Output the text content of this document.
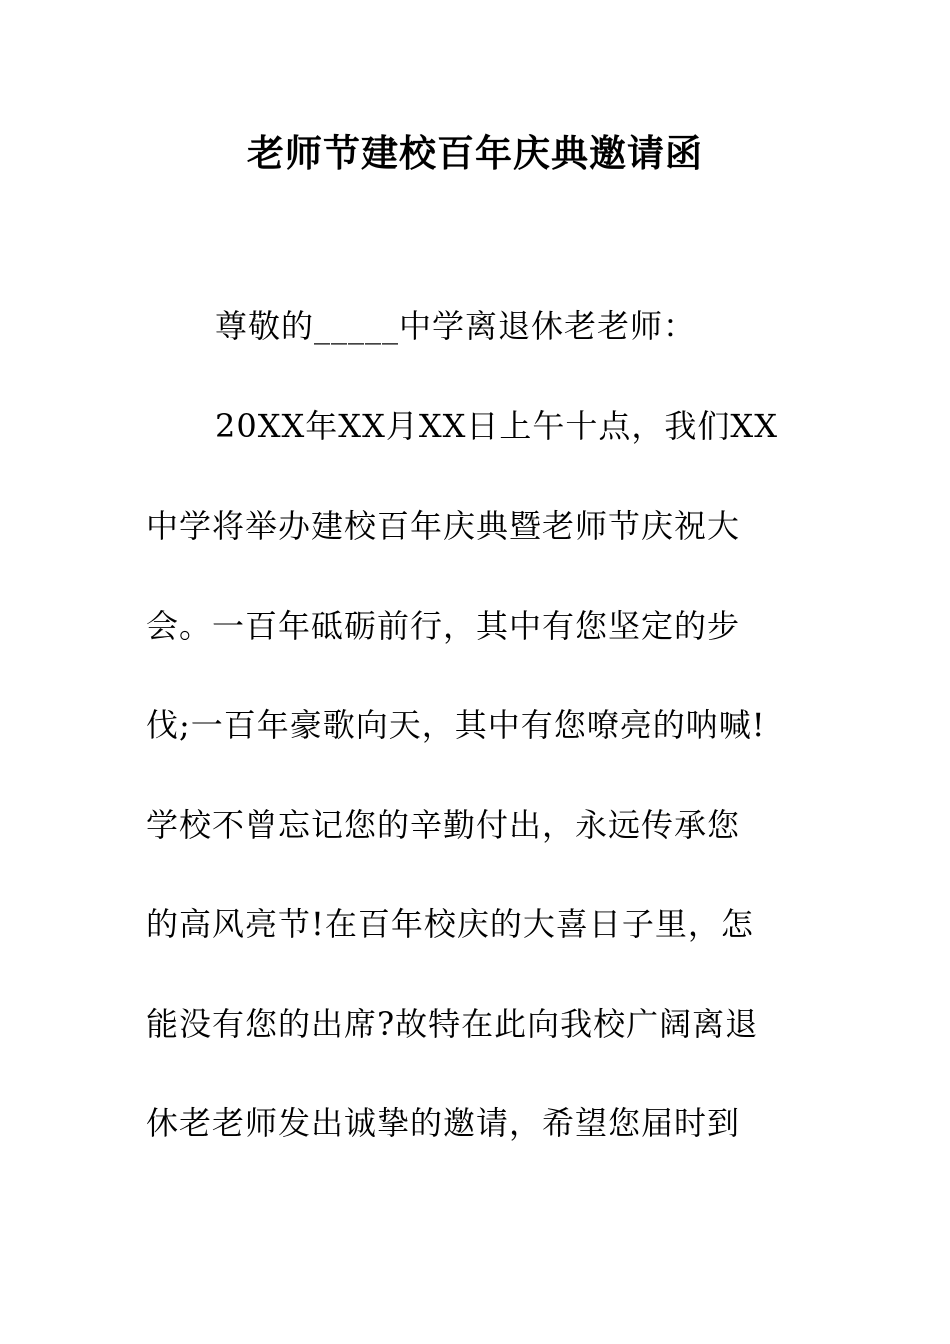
老师节建校百年庆典邀请函
尊敬的_____中学离退休老老师：
20XX年XX月XX日上午十点，我们XX
中学将举办建校百年庆典暨老师节庆祝大
会。一百年砥砺前行，其中有您坚定的步
伐;一百年豪歌向天，其中有您嘹亮的呐喊!
学校不曾忘记您的辛勤付出，永远传承您
的高风亮节!在百年校庆的大喜日子里，怎
能没有您的出席?故特在此向我校广阔离退
休老老师发出诚挚的邀请，希望您届时到
